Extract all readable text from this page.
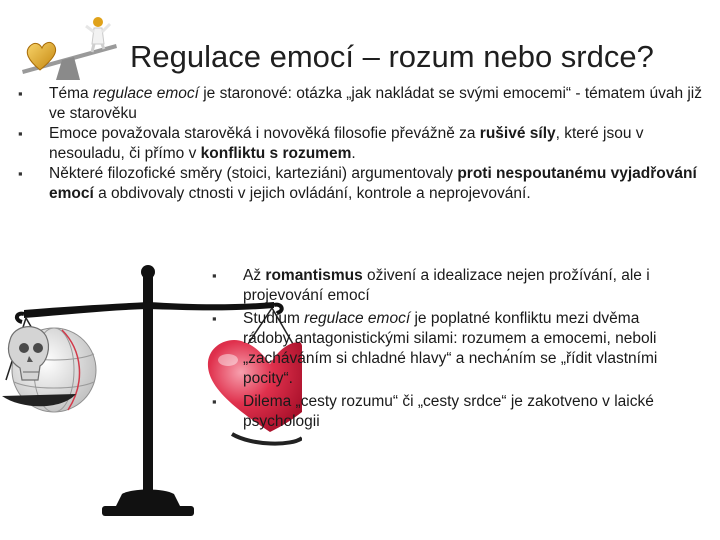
Regulace emocí – rozum nebo srdce?
▪ Téma regulace emocí je staronové: otázka „jak nakládat se svými emocemi“ - tématem úvah již ve starověku
▪ Emoce považovala starověká i novověká filosofie převážně za rušivé síly, které jsou v nesouladu, či přímo v konfliktu s rozumem.
▪ Některé filozofické směry (stoici, karteziáni) argumentovaly proti nespoutanému vyjadřování emocí a obdivovaly ctnosti v jejich ovládání, kontrole a neprojevování.
▪ Až romantismus oživení a idealizace nejen prožívání, ale i projevování emocí
▪ Studium regulace emocí je poplatné konfliktu mezi dvěma rádoby antagonistickými silami: rozumem a emocemi, neboli „zacháváním si chladné hlavy“ a nechᴀ́ním se „řídit vlastními pocity“.
▪ Dilema „cesty rozumu“ či „cesty srdce“ je zakotveno v laické psychologii
